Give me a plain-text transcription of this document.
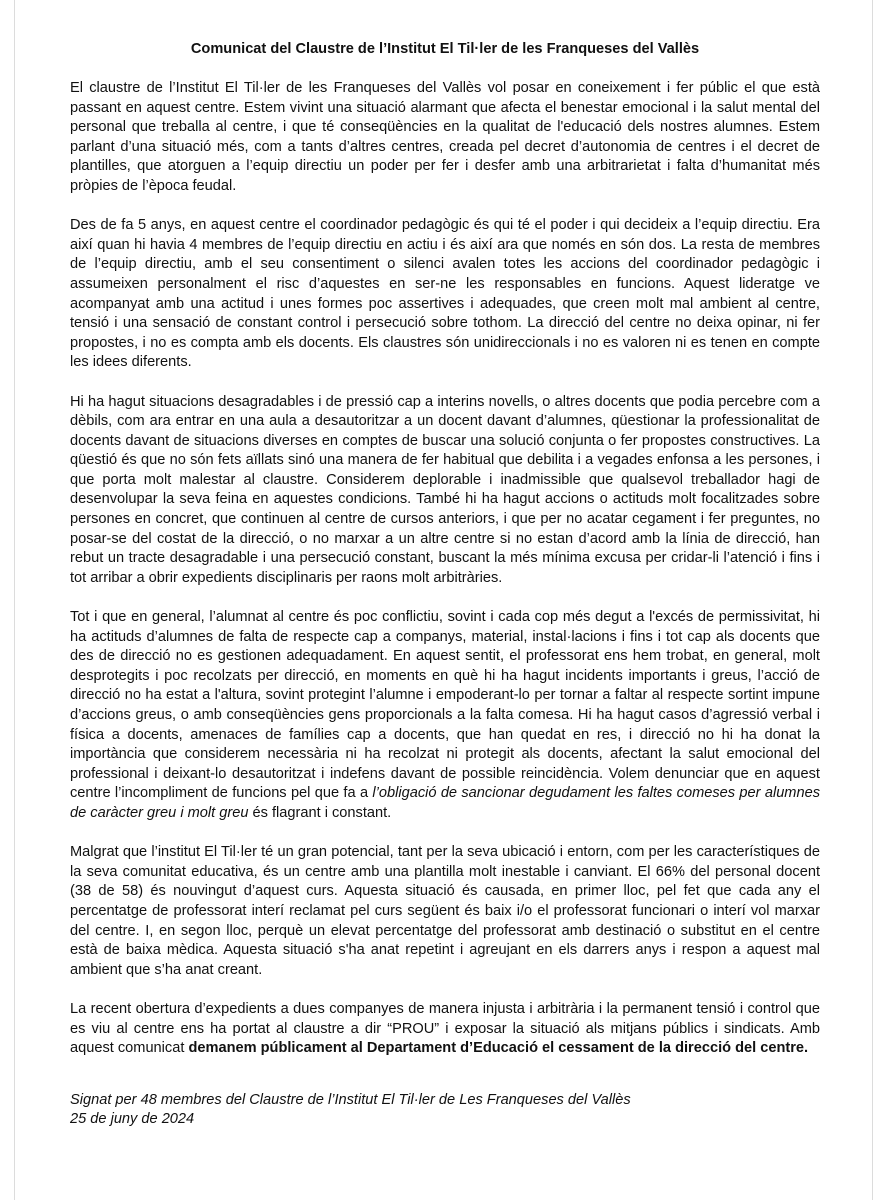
Comunicat del Claustre de l’Institut El Til·ler de les Franqueses del Vallès

El claustre de l’Institut El Til·ler de les Franqueses del Vallès vol posar en coneixement i fer públic el que està passant en aquest centre. Estem vivint una situació alarmant que afecta el benestar emocional i la salut mental del personal que treballa al centre, i que té conseqüències en la qualitat de l'educació dels nostres alumnes. Estem parlant d’una situació més, com a tants d’altres centres, creada pel decret d’autonomia de centres i el decret de plantilles, que atorguen a l’equip directiu un poder per fer i desfer amb una arbitrarietat i falta d’humanitat més pròpies de l’època feudal.

Des de fa 5 anys, en aquest centre el coordinador pedagògic és qui té el poder i qui decideix a l’equip directiu. Era així quan hi havia 4 membres de l’equip directiu en actiu i és així ara que només en són dos. La resta de membres de l’equip directiu, amb el seu consentiment o silenci avalen totes les accions del coordinador pedagògic i assumeixen personalment el risc d’aquestes en ser-ne les responsables en funcions. Aquest lideratge ve acompanyat amb una actitud i unes formes poc assertives i adequades, que creen molt mal ambient al centre, tensió i una sensació de constant control i persecució sobre tothom. La direcció del centre no deixa opinar, ni fer propostes, i no es compta amb els docents. Els claustres són unidireccionals i no es valoren ni es tenen en compte les idees diferents.

Hi ha hagut situacions desagradables i de pressió cap a interins novells, o altres docents que podia percebre com a dèbils, com ara entrar en una aula a desautoritzar a un docent davant d’alumnes, qüestionar la professionalitat de docents davant de situacions diverses en comptes de buscar una solució conjunta o fer propostes constructives. La qüestió és que no són fets aïllats sinó una manera de fer habitual que debilita i a vegades enfonsa a les persones, i que porta molt malestar al claustre. Considerem deplorable i inadmissible que qualsevol treballador hagi de desenvolupar la seva feina en aquestes condicions. També hi ha hagut accions o actituds molt focalitzades sobre persones en concret, que continuen al centre de cursos anteriors, i que per no acatar cegament i fer preguntes, no posar-se del costat de la direcció, o no marxar a un altre centre si no estan d’acord amb la línia de direcció, han rebut un tracte desagradable i una persecució constant, buscant la més mínima excusa per cridar-li l’atenció i fins i tot arribar a obrir expedients disciplinaris per raons molt arbitràries.

Tot i que en general, l’alumnat al centre és poc conflictiu, sovint i cada cop més degut a l'excés de permissivitat, hi ha actituds d’alumnes de falta de respecte cap a companys, material, instal·lacions i fins i tot cap als docents que des de direcció no es gestionen adequadament. En aquest sentit, el professorat ens hem trobat, en general, molt desprotegits i poc recolzats per direcció, en moments en què hi ha hagut incidents importants i greus, l’acció de direcció no ha estat a l'altura, sovint protegint l’alumne i empoderant-lo per tornar a faltar al respecte sortint impune d’accions greus, o amb conseqüències gens proporcionals a la falta comesa. Hi ha hagut casos d’agressió verbal i física a docents, amenaces de famílies cap a docents, que han quedat en res, i direcció no hi ha donat la importància que considerem necessària ni ha recolzat ni protegit als docents, afectant la salut emocional del professional i deixant-lo desautoritzat i indefens davant de possible reincidència. Volem denunciar que en aquest centre l’incompliment de funcions pel que fa a l’obligació de sancionar degudament les faltes comeses per alumnes de caràcter greu i molt greu és flagrant i constant.

Malgrat que l’institut El Til·ler té un gran potencial, tant per la seva ubicació i entorn, com per les característiques de la seva comunitat educativa, és un centre amb una plantilla molt inestable i canviant. El 66% del personal docent (38 de 58) és nouvingut d’aquest curs. Aquesta situació és causada, en primer lloc, pel fet que cada any el percentatge de professorat interí reclamat pel curs següent és baix i/o el professorat funcionari o interí vol marxar del centre. I, en segon lloc, perquè un elevat percentatge del professorat amb destinació o substitut en el centre està de baixa mèdica. Aquesta situació s'ha anat repetint i agreujant en els darrers anys i respon a aquest mal ambient que s’ha anat creant.

La recent obertura d’expedients a dues companyes de manera injusta i arbitrària i la permanent tensió i control que es viu al centre ens ha portat al claustre a dir “PROU” i exposar la situació als mitjans públics i sindicats. Amb aquest comunicat demanem públicament al Departament d’Educació el cessament de la direcció del centre.

Signat per 48 membres del Claustre de l’Institut El Til·ler de Les Franqueses del Vallès
25 de juny de 2024
